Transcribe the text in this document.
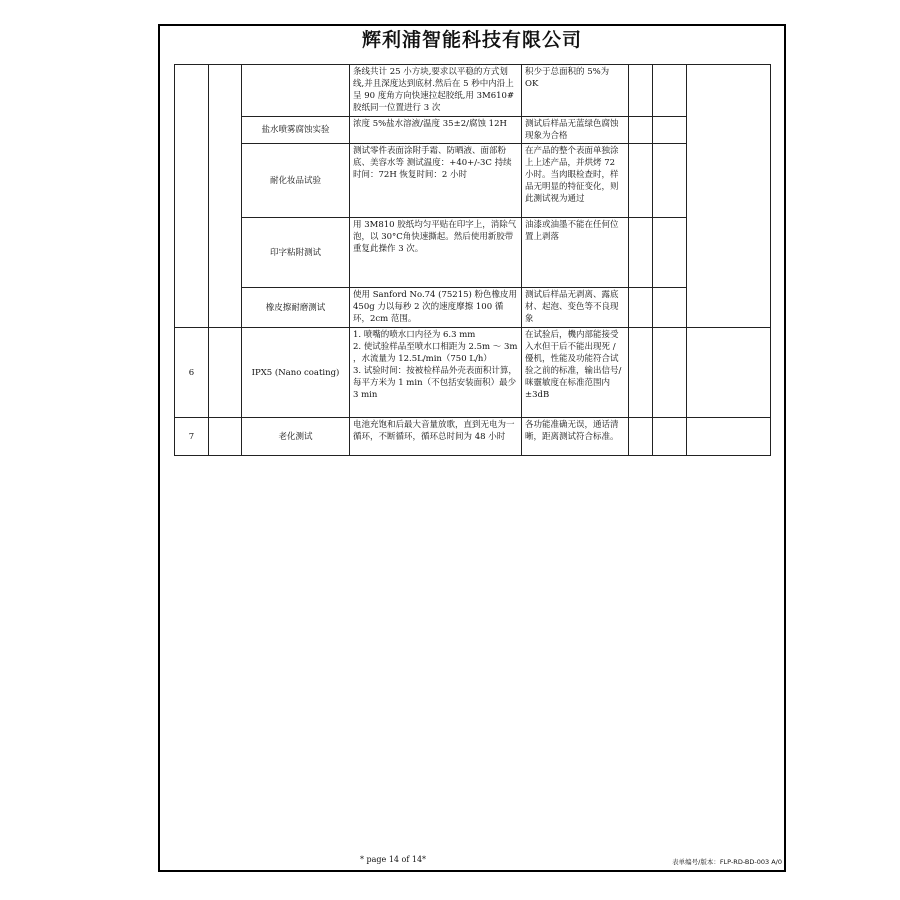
辉利浦智能科技有限公司
			条线共计 25 小方块,要求以平稳的方式划线,并且深度达到底材.然后在 5 秒中内沿上呈 90 度角方向快速拉起胶纸,用 3M610#胶纸同一位置进行 3 次	积少于总面积的 5%为 OK			
		盐水喷雾腐蚀实验	浓度 5%盐水溶液/温度 35±2/腐蚀 12H	测试后样品无蓝绿色腐蚀现象为合格			
		耐化妆品试验	测试零件表面涂附手霜、防晒液、面部粉底、美容水等 测试温度：+40+/-3C 持续时间：72H 恢复时间：2 小时	在产品的整个表面单独涂上上述产品，并烘烤 72 小时。当肉眼检查时，样品无明显的特征变化，则此测试视为通过			
		印字粘附测试	用 3M810 胶纸均匀平贴在印字上，消除气泡，以 30°C角快速撕起。然后使用新胶带重复此操作 3 次。	油漆或油墨不能在任何位置上剥落			
		橡皮擦耐磨测试	使用 Sanford No.74 (75215) 粉色橡皮用 450g 力以每秒 2 次的速度摩擦 100 循环，2cm 范围。	测试后样品无剥离、露底材、起泡、变色等不良现象			
6		IPX5 (Nano coating)	1. 喷嘴的喷水口内径为 6.3 mm
2. 使试验样品至喷水口相距为 2.5m ～ 3m ，水流量为 12.5L/min（750 L/h）
3. 试验时间：按被检样品外壳表面积计算，每平方米为 1 min（不包括安装面积）最少 3 min	在试验后，機内部能接受入水但干后不能出现死 / 優机，性能及功能符合试验之前的标准，输出信号/咪靈敏度在标准范围内±3dB			
7		老化测试	电池充饱和后最大音量放歌，直到无电为一循环，不断循环，循环总时间为 48 小时	各功能准确无误，通话清晰，距离测试符合标准。			
* page 14 of 14*	表单编号/版本：FLP-RD-BD-003 A/0
